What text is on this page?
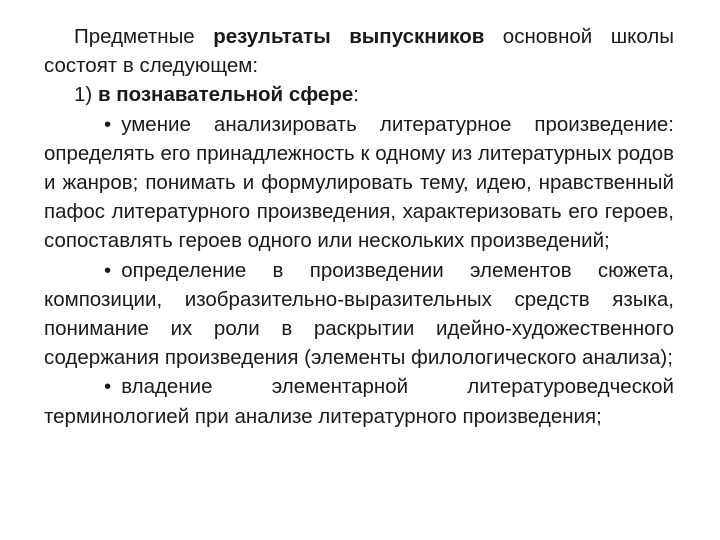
Предметные результаты выпускников основной школы состоят в следующем:

1) в познавательной сфере:

• умение анализировать литературное произведение: определять его принадлежность к одному из литературных родов и жанров; понимать и формулировать тему, идею, нравственный пафос литературного произведения, характеризовать его героев, сопоставлять героев одного или нескольких произведений;

• определение в произведении элементов сюжета, композиции, изобразительно-выразительных средств языка, понимание их роли в раскрытии идейно-художественного содержания произведения (элементы филологического анализа);

• владение элементарной литературоведческой терминологией при анализе литературного произведения;
